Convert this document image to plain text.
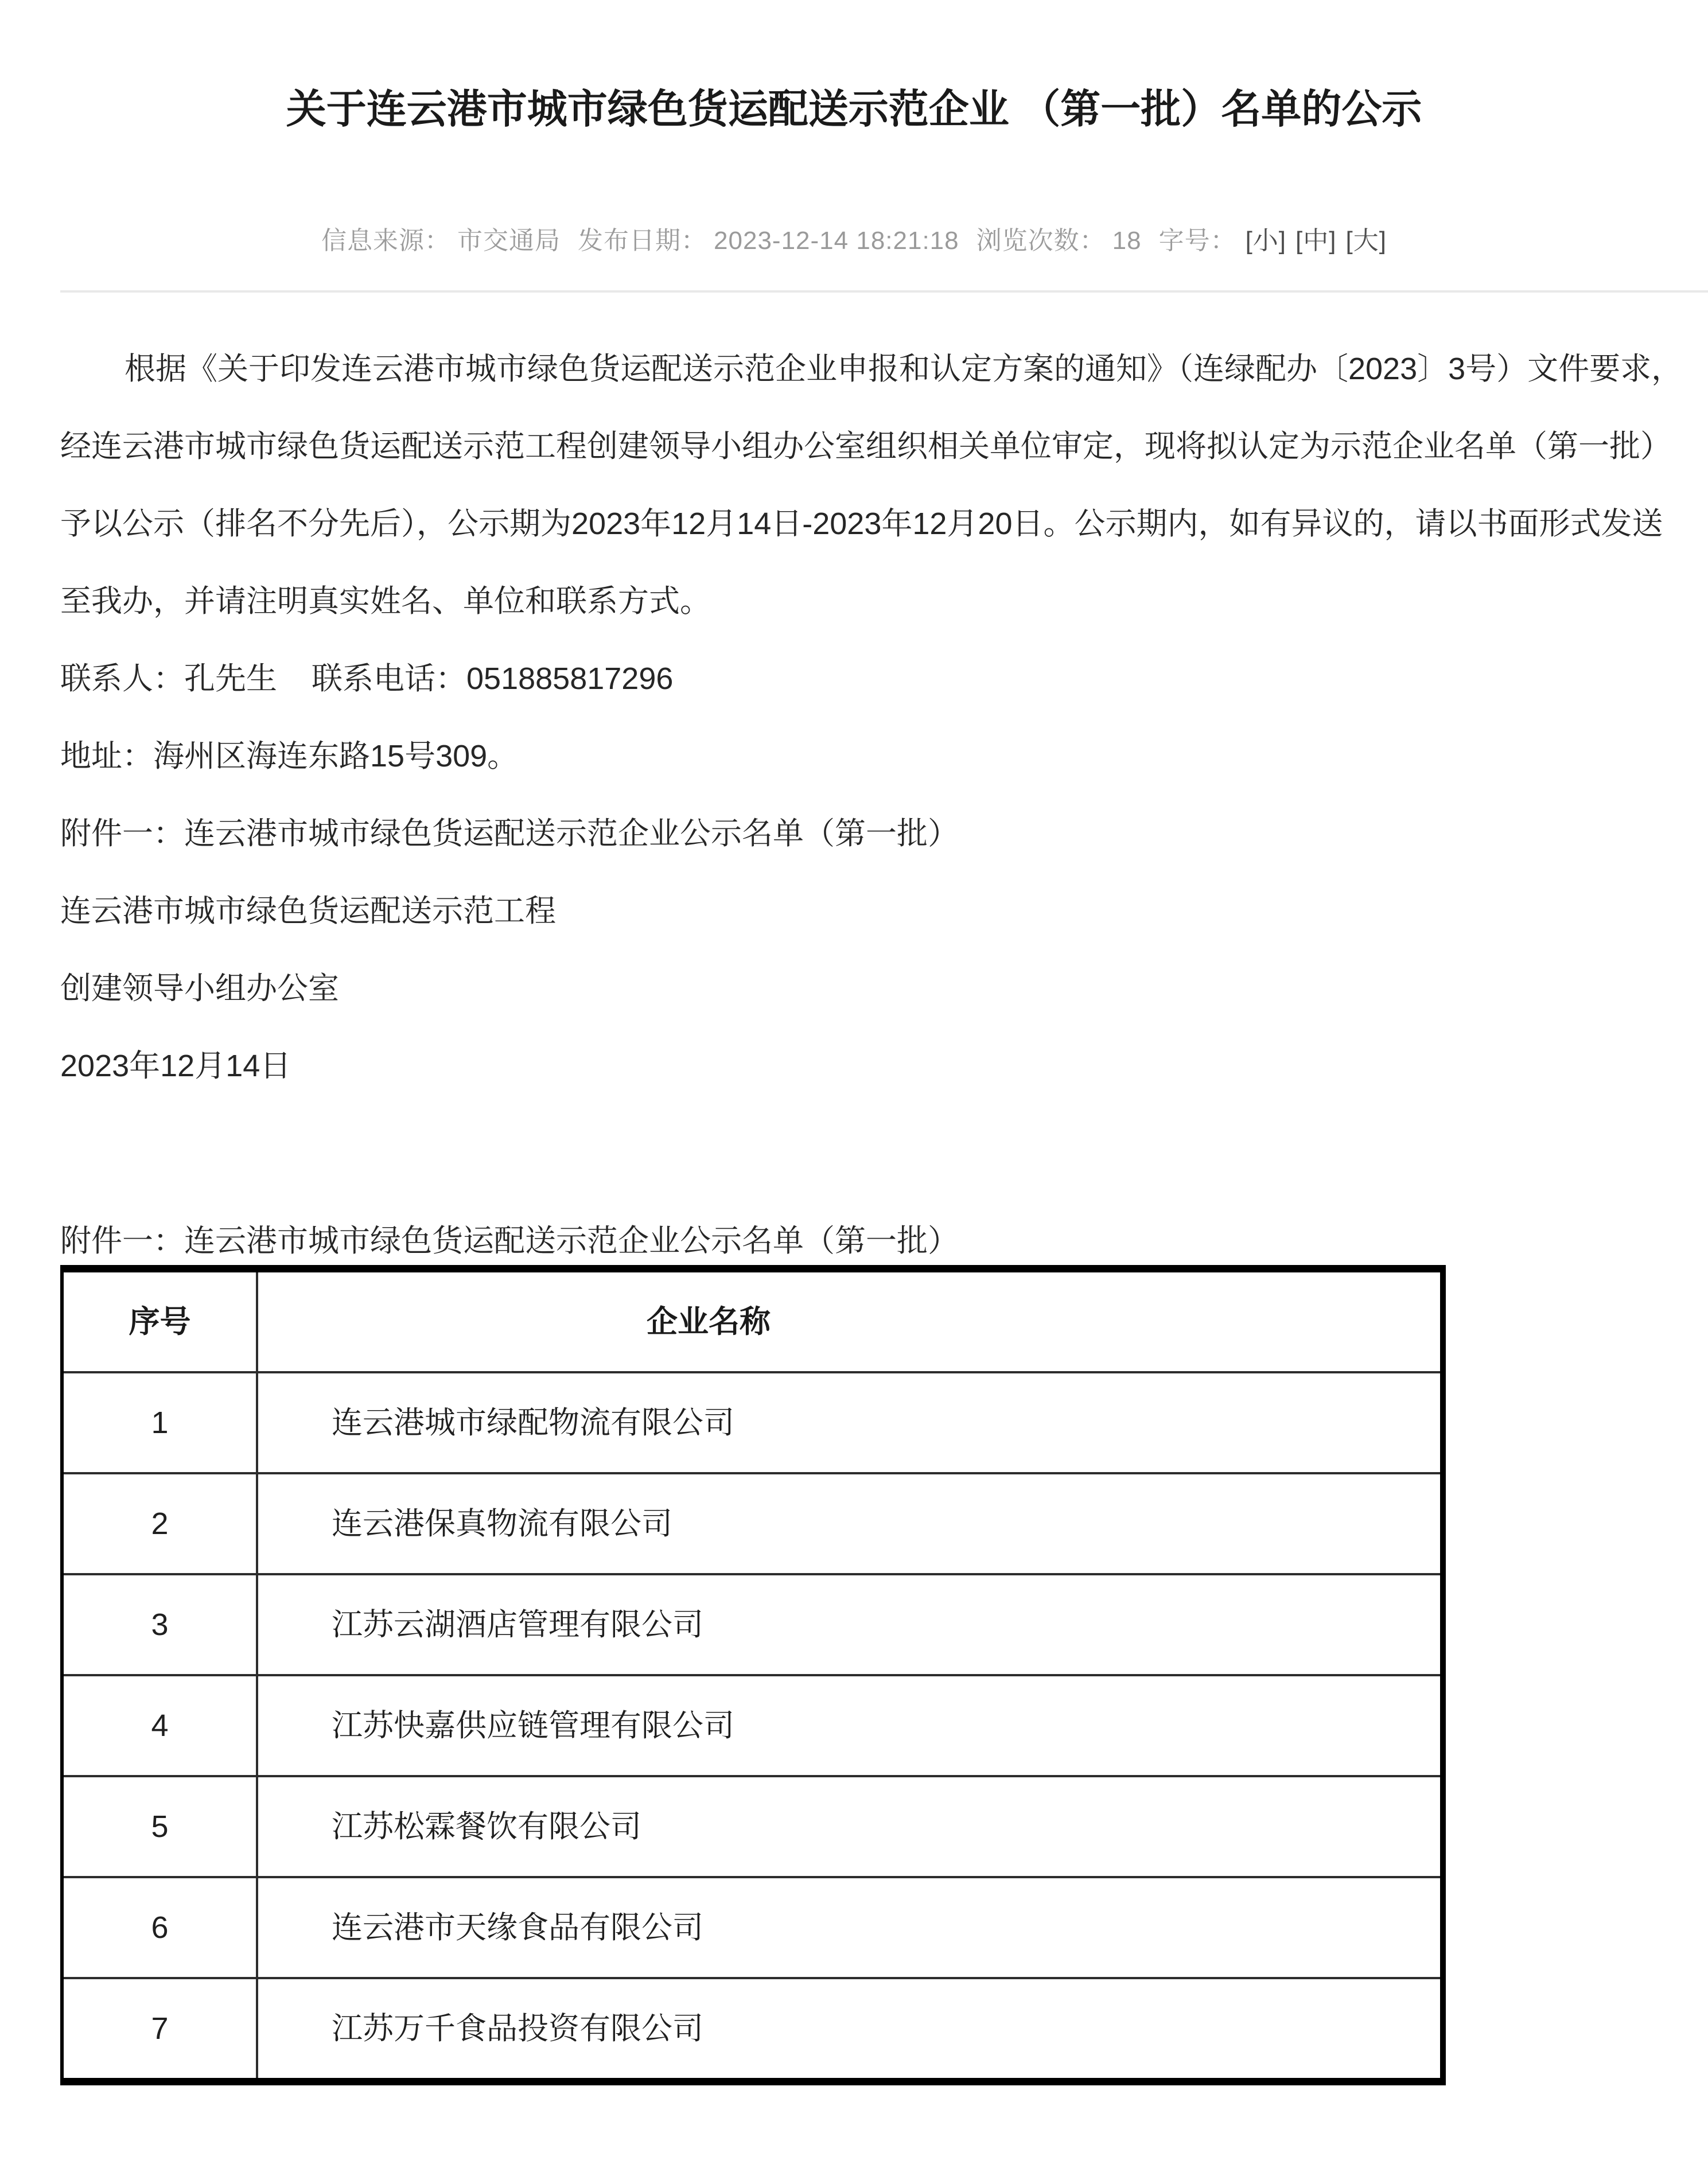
关于连云港市城市绿色货运配送示范企业 （第一批）名单的公示
信息来源： 市交通局 发布日期： 2023-12-14 18:21:18 浏览次数： 18 字号： [小] [中] [大]

根据《关于印发连云港市城市绿色货运配送示范企业申报和认定方案的通知》（连绿配办〔2023〕3号）文件要求，经连云港市城市绿色货运配送示范工程创建领导小组办公室组织相关单位审定，现将拟认定为示范企业名单（第一批）予以公示（排名不分先后），公示期为2023年12月14日-2023年12月20日。公示期内，如有异议的，请以书面形式发送至我办，并请注明真实姓名、单位和联系方式。

联系人：孔先生    联系电话：051885817296

地址：海州区海连东路15号309。

附件一：连云港市城市绿色货运配送示范企业公示名单（第一批）

连云港市城市绿色货运配送示范工程

创建领导小组办公室

2023年12月14日

附件一：连云港市城市绿色货运配送示范企业公示名单（第一批）

序号	企业名称
1	连云港城市绿配物流有限公司
2	连云港保真物流有限公司
3	江苏云湖酒店管理有限公司
4	江苏快嘉供应链管理有限公司
5	江苏松霖餐饮有限公司
6	连云港市天缘食品有限公司
7	江苏万千食品投资有限公司
